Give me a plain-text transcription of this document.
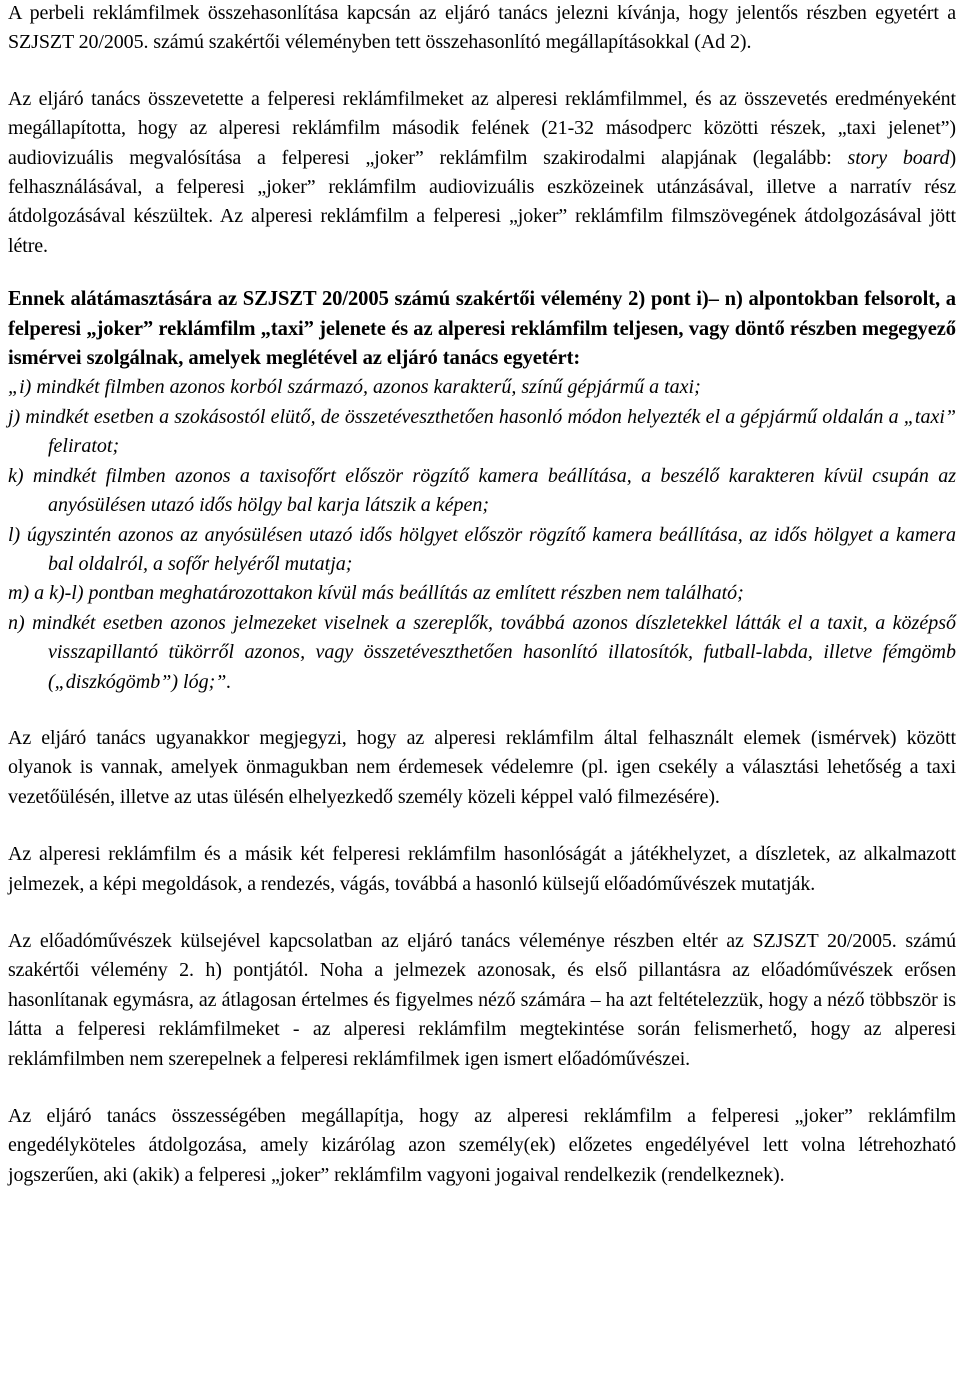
A perbeli reklámfilmek összehasonlítása kapcsán az eljáró tanács jelezni kívánja, hogy jelentős részben egyetért a SZJSZT 20/2005. számú szakértői véleményben tett összehasonlító megállapításokkal (Ad 2).

Az eljáró tanács összevetette a felperesi reklámfilmeket az alperesi reklámfilmmel, és az összevetés eredményeként megállapította, hogy az alperesi reklámfilm második felének (21-32 másodperc közötti részek, „taxi jelenet”) audiovizuális megvalósítása a felperesi „joker” reklámfilm szakirodalmi alapjának (legalább: story board) felhasználásával, a felperesi „joker” reklámfilm audiovizuális eszközeinek utánzásával, illetve a narratív rész átdolgozásával készültek. Az alperesi reklámfilm a felperesi „joker” reklámfilm filmszövegének átdolgozásával jött létre.

Ennek alátámasztására az SZJSZT 20/2005 számú szakértői vélemény 2) pont i)– n) alpontokban felsorolt, a felperesi „joker” reklámfilm „taxi” jelenete és az alperesi reklámfilm teljesen, vagy döntő részben megegyező ismérvei szolgálnak, amelyek meglétével az eljáró tanács egyetért:

„i) mindkét filmben azonos korból származó, azonos karakterű, színű gépjármű a taxi;
j) mindkét esetben a szokásostól elütő, de összetéveszthetően hasonló módon helyezték el a gépjármű oldalán a „taxi” feliratot;
k) mindkét filmben azonos a taxisofőrt először rögzítő kamera beállítása, a beszélő karakteren kívül csupán az anyósülésen utazó idős hölgy bal karja látszik a képen;
l) úgyszintén azonos az anyósülésen utazó idős hölgyet először rögzítő kamera beállítása, az idős hölgyet a kamera bal oldalról, a sofőr helyéről mutatja;
m) a k)-l) pontban meghatározottakon kívül más beállítás az említett részben nem található;
n) mindkét esetben azonos jelmezeket viselnek a szereplők, továbbá azonos díszletekkel látták el a taxit, a középső visszapillantó tükörről azonos, vagy összetéveszthetően hasonlító illatosítók, futball-labda, illetve fémgömb („diszkógömb”) lóg;”.

Az eljáró tanács ugyanakkor megjegyzi, hogy az alperesi reklámfilm által felhasznált elemek (ismérvek) között olyanok is vannak, amelyek önmagukban nem érdemesek védelemre (pl. igen csekély a választási lehetőség a taxi vezetőülésén, illetve az utas ülésén elhelyezkedő személy közeli képpel való filmezésére).

Az alperesi reklámfilm és a másik két felperesi reklámfilm hasonlóságát a játékhelyzet, a díszletek, az alkalmazott jelmezek, a képi megoldások, a rendezés, vágás, továbbá a hasonló külsejű előadóművészek mutatják.

Az előadóművészek külsejével kapcsolatban az eljáró tanács véleménye részben eltér az SZJSZT 20/2005. számú szakértői vélemény 2. h) pontjától. Noha a jelmezek azonosak, és első pillantásra az előadóművészek erősen hasonlítanak egymásra, az átlagosan értelmes és figyelmes néző számára – ha azt feltételezzük, hogy a néző többször is látta a felperesi reklámfilmeket - az alperesi reklámfilm megtekintése során felismerhető, hogy az alperesi reklámfilmben nem szerepelnek a felperesi reklámfilmek igen ismert előadóművészei.

Az eljáró tanács összességében megállapítja, hogy az alperesi reklámfilm a felperesi „joker” reklámfilm engedélyköteles átdolgozása, amely kizárólag azon személy(ek) előzetes engedélyével lett volna létrehozható jogszerűen, aki (akik) a felperesi „joker” reklámfilm vagyoni jogaival rendelkezik (rendelkeznek).
